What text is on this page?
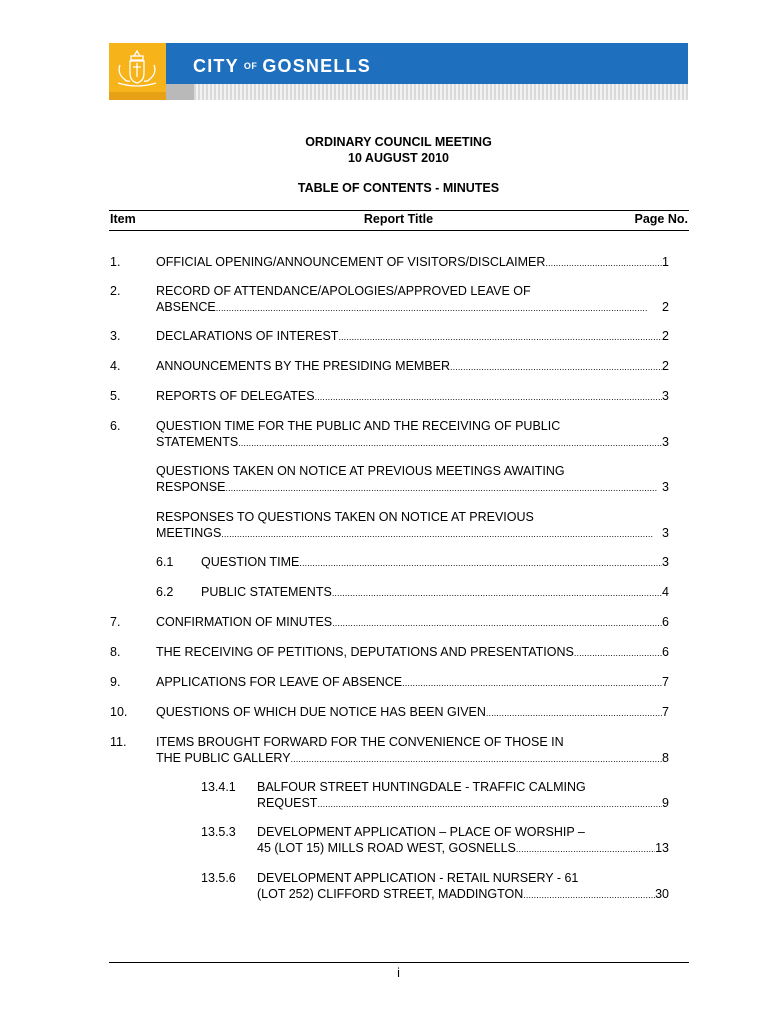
CITY OF GOSNELLS
ORDINARY COUNCIL MEETING
10 AUGUST 2010
TABLE OF CONTENTS - MINUTES
Item	Report Title	Page No.
1.	OFFICIAL OPENING/ANNOUNCEMENT OF VISITORS/DISCLAIMER . . .	1
2.	RECORD OF ATTENDANCE/APOLOGIES/APPROVED LEAVE OF
ABSENCE . . .	2
3.	DECLARATIONS OF INTEREST . . .	2
4.	ANNOUNCEMENTS BY THE PRESIDING MEMBER . . .	2
5.	REPORTS OF DELEGATES . . .	3
6.	QUESTION TIME FOR THE PUBLIC AND THE RECEIVING OF PUBLIC
STATEMENTS . . .	3
QUESTIONS TAKEN ON NOTICE AT PREVIOUS MEETINGS AWAITING
RESPONSE . . .	3
RESPONSES TO QUESTIONS TAKEN ON NOTICE AT PREVIOUS
MEETINGS . . .	3
6.1 QUESTION TIME . . .	3
6.2 PUBLIC STATEMENTS . . .	4
7.	CONFIRMATION OF MINUTES . . .	6
8.	THE RECEIVING OF PETITIONS, DEPUTATIONS AND PRESENTATIONS . . .	6
9.	APPLICATIONS FOR LEAVE OF ABSENCE . . .	7
10. QUESTIONS OF WHICH DUE NOTICE HAS BEEN GIVEN . . .	7
11. ITEMS BROUGHT FORWARD FOR THE CONVENIENCE OF THOSE IN
THE PUBLIC GALLERY . . .	8
13.4.1 BALFOUR STREET HUNTINGDALE - TRAFFIC CALMING
REQUEST . . .	9
13.5.3 DEVELOPMENT APPLICATION – PLACE OF WORSHIP –
45 (LOT 15) MILLS ROAD WEST, GOSNELLS . . .	13
13.5.6 DEVELOPMENT APPLICATION - RETAIL NURSERY - 61
(LOT 252) CLIFFORD STREET, MADDINGTON . . .	30
i
